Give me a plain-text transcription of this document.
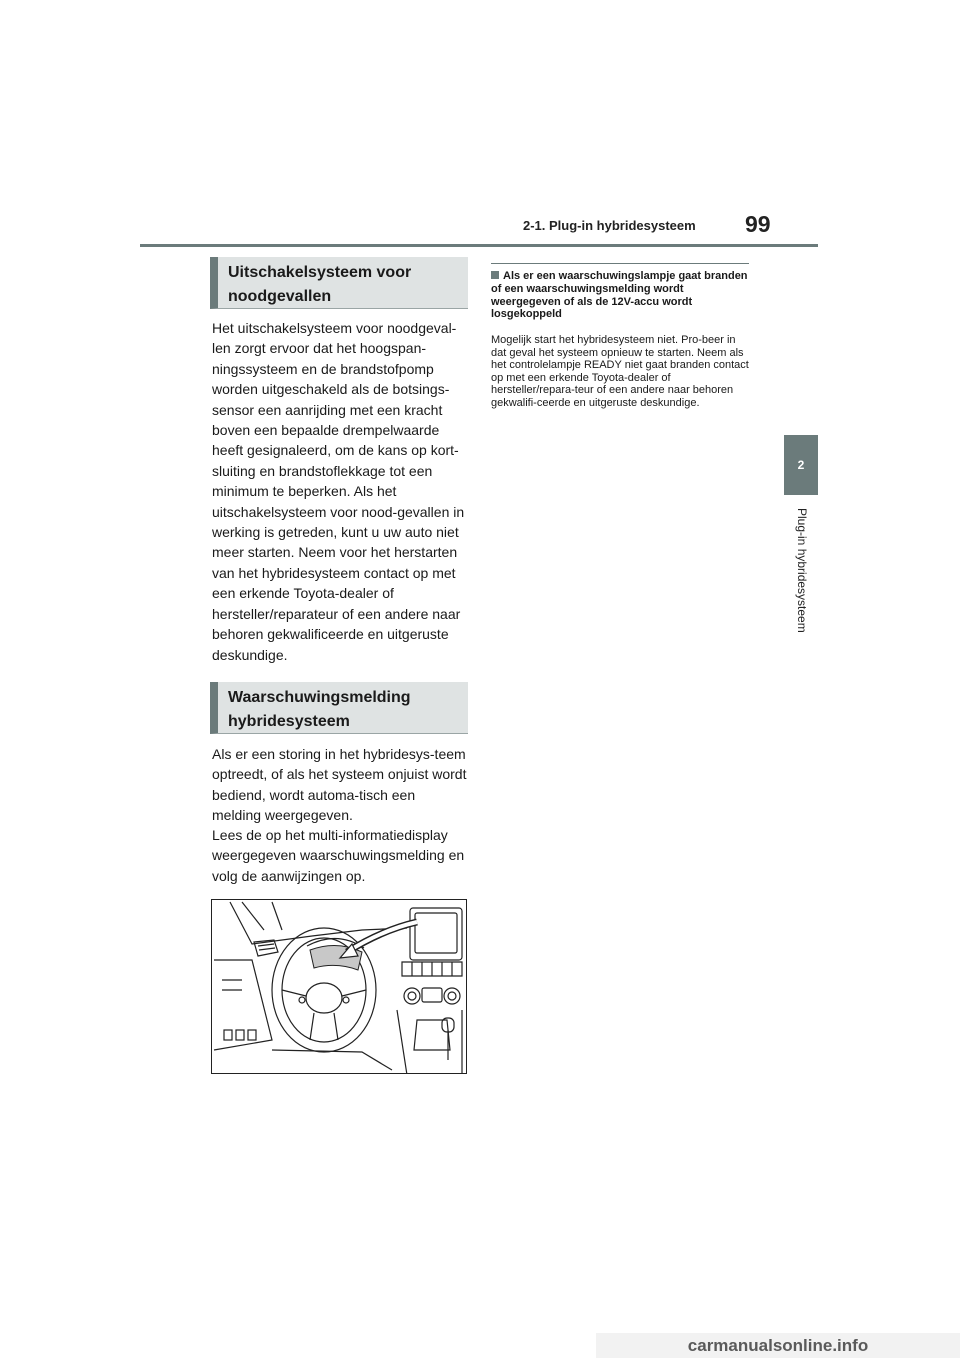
2-1. Plug-in hybridesysteem 99
2
Plug-in hybridesysteem
Uitschakelsysteem voor noodgevallen

Het uitschakelsysteem voor noodgeval-len zorgt ervoor dat het hoogspan-ningssysteem en de brandstofpomp worden uitgeschakeld als de botsings-sensor een aanrijding met een kracht boven een bepaalde drempelwaarde heeft gesignaleerd, om de kans op kort-sluiting en brandstoflekkage tot een minimum te beperken. Als het uitschakelsysteem voor nood-gevallen in werking is getreden, kunt u uw auto niet meer starten. Neem voor het herstarten van het hybridesysteem contact op met een erkende Toyota-dealer of hersteller/reparateur of een andere naar behoren gekwalificeerde en uitgeruste deskundige.

Waarschuwingsmelding hybridesysteem

Als er een storing in het hybridesys-teem optreedt, of als het systeem onjuist wordt bediend, wordt automa-tisch een melding weergegeven.

Lees de op het multi-informatiedisplay weergegeven waarschuwingsmelding en volg de aanwijzingen op.

Als er een waarschuwingslampje gaat branden of een waarschuwingsmelding wordt weergegeven of als de 12V-accu wordt losgekoppeld

Mogelijk start het hybridesysteem niet. Pro-beer in dat geval het systeem opnieuw te starten. Neem als het controlelampje READY niet gaat branden contact op met een erkende Toyota-dealer of hersteller/repara-teur of een andere naar behoren gekwalifi-ceerde en uitgeruste deskundige.

carmanualsonline.info
